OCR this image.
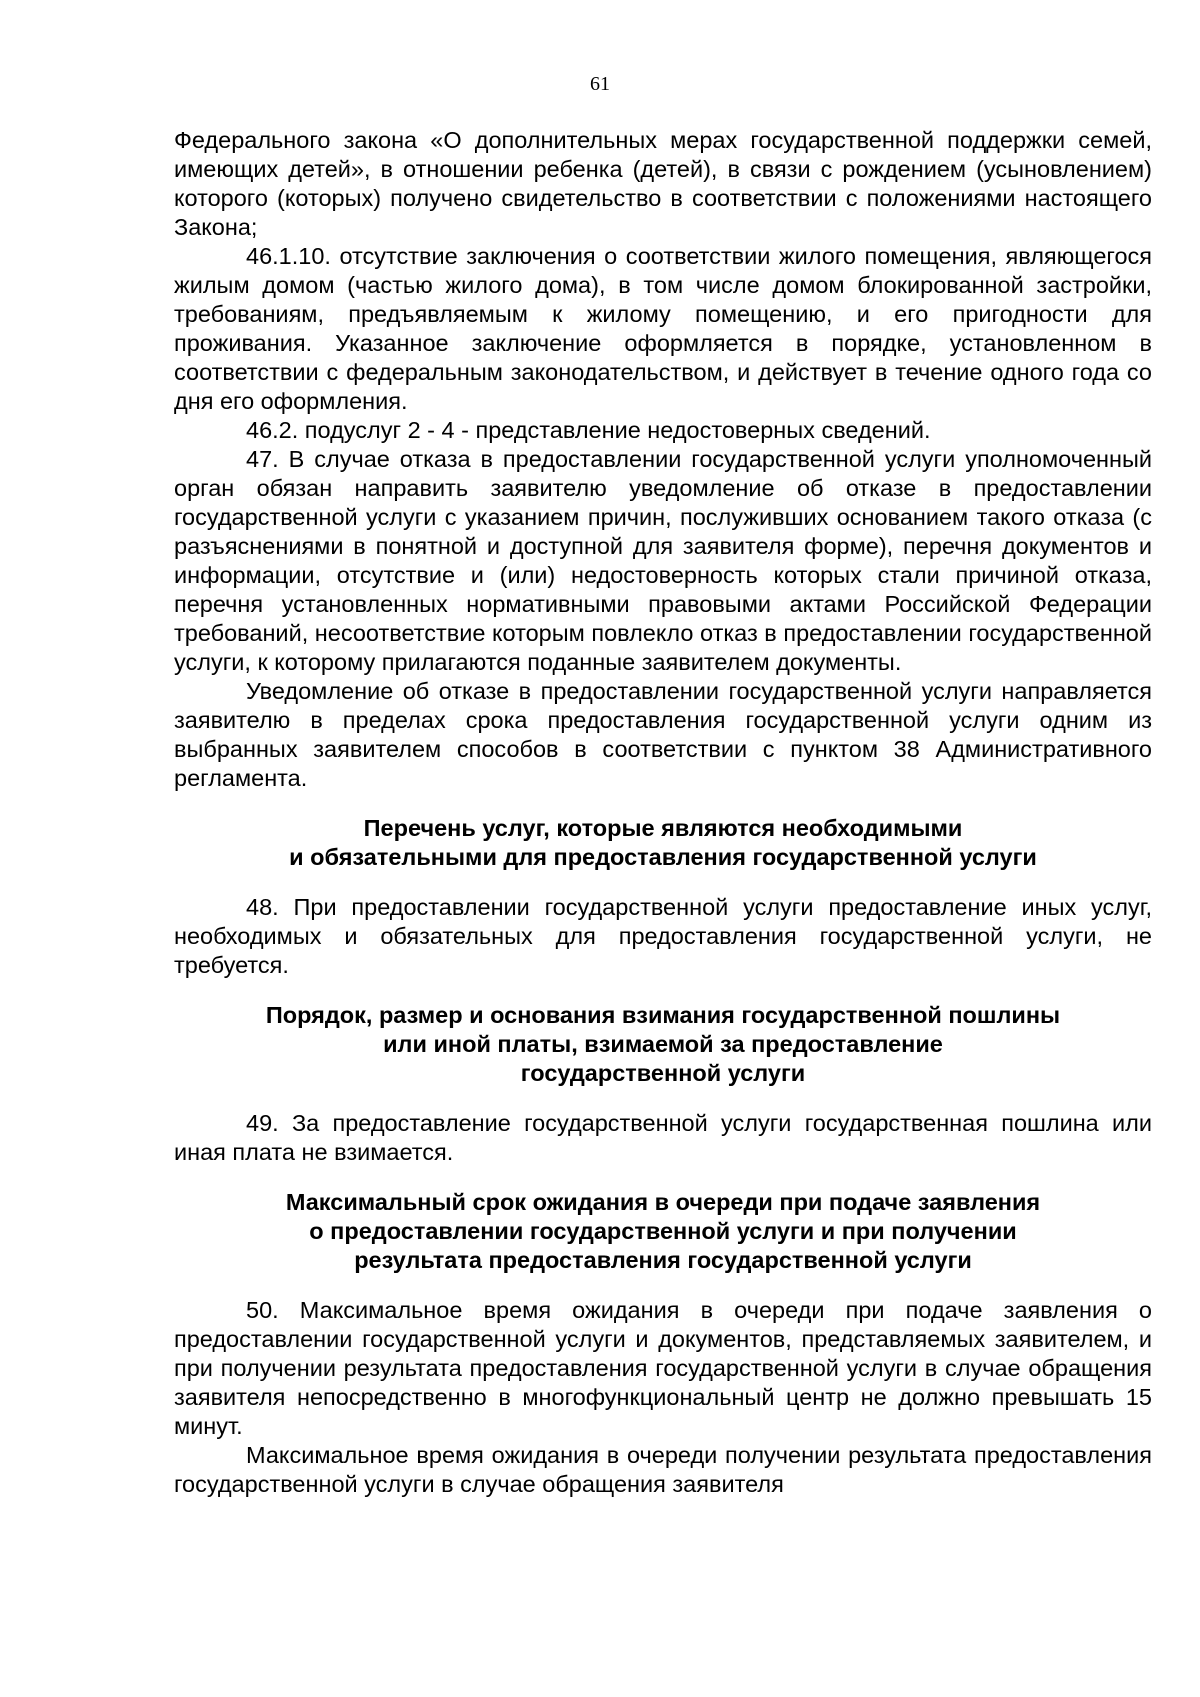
61

Федерального закона «О дополнительных мерах государственной поддержки семей, имеющих детей», в отношении ребенка (детей), в связи с рождением (усыновлением) которого (которых) получено свидетельство в соответствии с положениями настоящего Закона;

46.1.10. отсутствие заключения о соответствии жилого помещения, являющегося жилым домом (частью жилого дома), в том числе домом блокированной застройки, требованиям, предъявляемым к жилому помещению, и его пригодности для проживания. Указанное заключение оформляется в порядке, установленном в соответствии с федеральным законодательством, и действует в течение одного года со дня его оформления.

46.2. подуслуг 2 - 4 - представление недостоверных сведений.

47. В случае отказа в предоставлении государственной услуги уполномоченный орган обязан направить заявителю уведомление об отказе в предоставлении государственной услуги с указанием причин, послуживших основанием такого отказа (с разъяснениями в понятной и доступной для заявителя форме), перечня документов и информации, отсутствие и (или) недостоверность которых стали причиной отказа, перечня установленных нормативными правовыми актами Российской Федерации требований, несоответствие которым повлекло отказ в предоставлении государственной услуги, к которому прилагаются поданные заявителем документы.

Уведомление об отказе в предоставлении государственной услуги направляется заявителю в пределах срока предоставления государственной услуги одним из выбранных заявителем способов в соответствии с пунктом 38 Административного регламента.

Перечень услуг, которые являются необходимыми
и обязательными для предоставления государственной услуги

48. При предоставлении государственной услуги предоставление иных услуг, необходимых и обязательных для предоставления государственной услуги, не требуется.

Порядок, размер и основания взимания государственной пошлины
или иной платы, взимаемой за предоставление
государственной услуги

49. За предоставление государственной услуги государственная пошлина или иная плата не взимается.

Максимальный срок ожидания в очереди при подаче заявления
о предоставлении государственной услуги и при получении
результата предоставления государственной услуги

50. Максимальное время ожидания в очереди при подаче заявления о предоставлении государственной услуги и документов, представляемых заявителем, и при получении результата предоставления государственной услуги в случае обращения заявителя непосредственно в многофункциональный центр не должно превышать 15 минут.

Максимальное время ожидания в очереди получении результата предоставления государственной услуги в случае обращения заявителя
